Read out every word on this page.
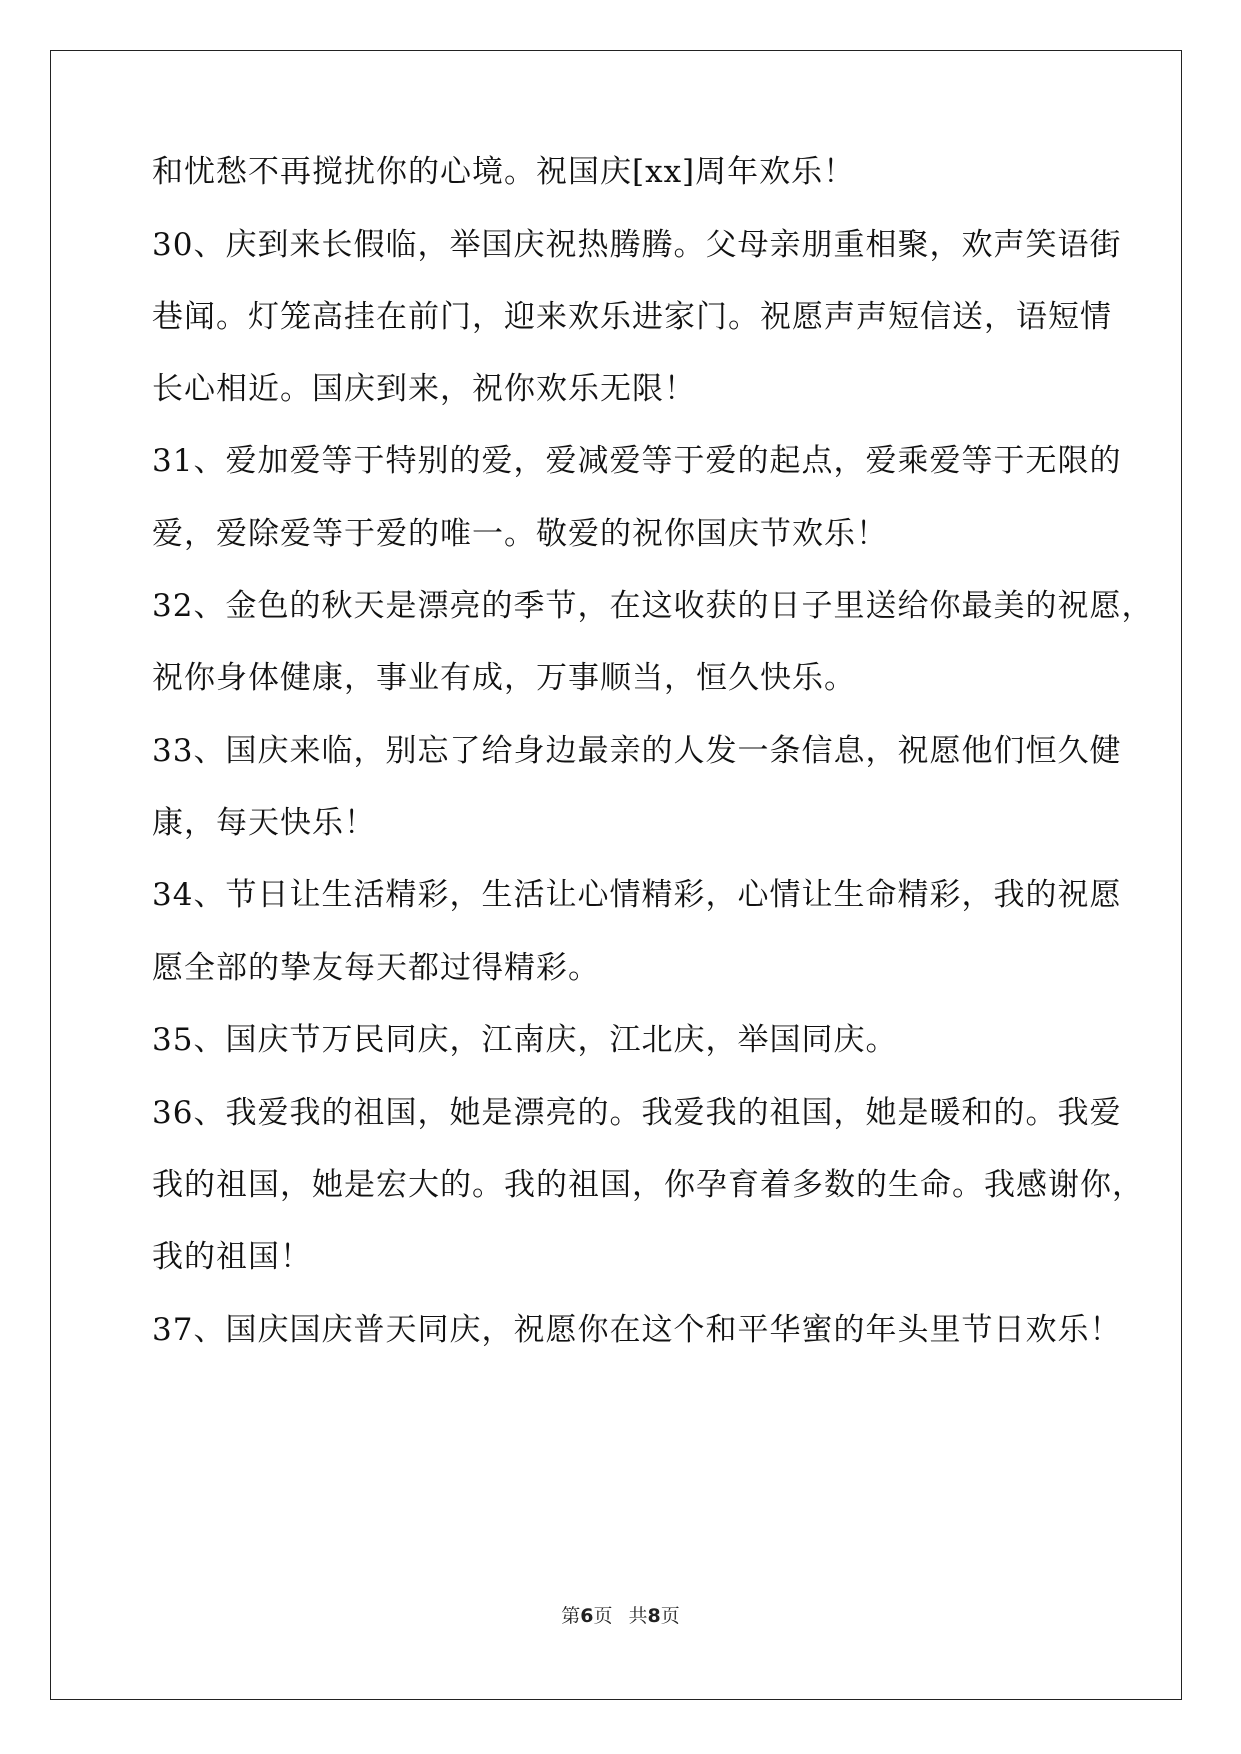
和忧愁不再搅扰你的心境。祝国庆[xx]周年欢乐！
30、庆到来长假临，举国庆祝热腾腾。父母亲朋重相聚，欢声笑语街
巷闻。灯笼高挂在前门，迎来欢乐进家门。祝愿声声短信送，语短情
长心相近。国庆到来，祝你欢乐无限！
31、爱加爱等于特别的爱，爱减爱等于爱的起点，爱乘爱等于无限的
爱，爱除爱等于爱的唯一。敬爱的祝你国庆节欢乐！
32、金色的秋天是漂亮的季节，在这收获的日子里送给你最美的祝愿，
祝你身体健康，事业有成，万事顺当，恒久快乐。
33、国庆来临，别忘了给身边最亲的人发一条信息，祝愿他们恒久健
康，每天快乐！
34、节日让生活精彩，生活让心情精彩，心情让生命精彩，我的祝愿
愿全部的挚友每天都过得精彩。
35、国庆节万民同庆，江南庆，江北庆，举国同庆。
36、我爱我的祖国，她是漂亮的。我爱我的祖国，她是暖和的。我爱
我的祖国，她是宏大的。我的祖国，你孕育着多数的生命。我感谢你，
我的祖国！
37、国庆国庆普天同庆，祝愿你在这个和平华蜜的年头里节日欢乐！
第6页 共8页
